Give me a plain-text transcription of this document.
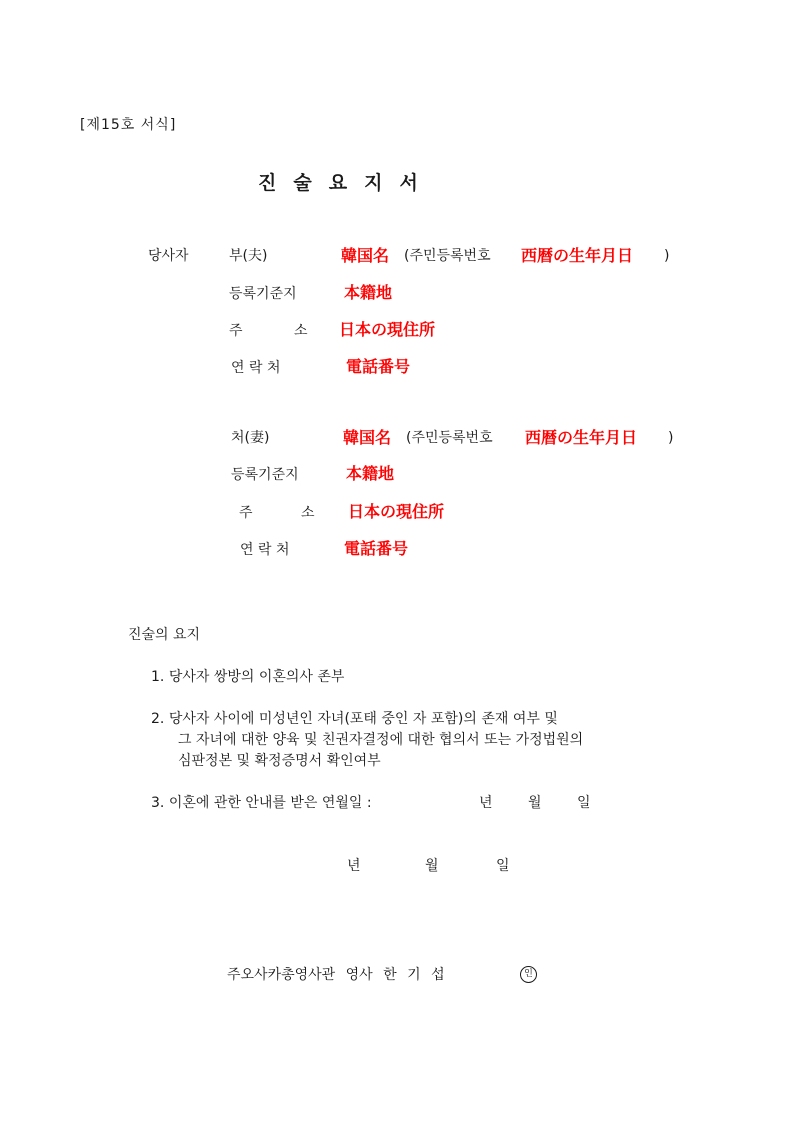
[제15호 서식]
진 술 요 지 서
당사자	부(夫)	韓国名 (주민등록번호 西暦の生年月日 )
등록기준지	本籍地
주	소 日本の現住所
연 락 처	電話番号
처(妻)	韓国名 (주민등록번호 西暦の生年月日 )
등록기준지	本籍地
주	소 日本の現住所
연 락 처	電話番号
진술의 요지
1. 당사자 쌍방의 이혼의사 존부
2. 당사자 사이에 미성년인 자녀(포태 중인 자 포함)의 존재 여부 및
그 자녀에 대한 양육 및 친권자결정에 대한 협의서 또는 가정법원의
심판정본 및 확정증명서 확인여부
3. 이혼에 관한 안내를 받은 연월일 :	년	월	일
년	월	일
주오사카총영사관 영사 한 기 섭	인
